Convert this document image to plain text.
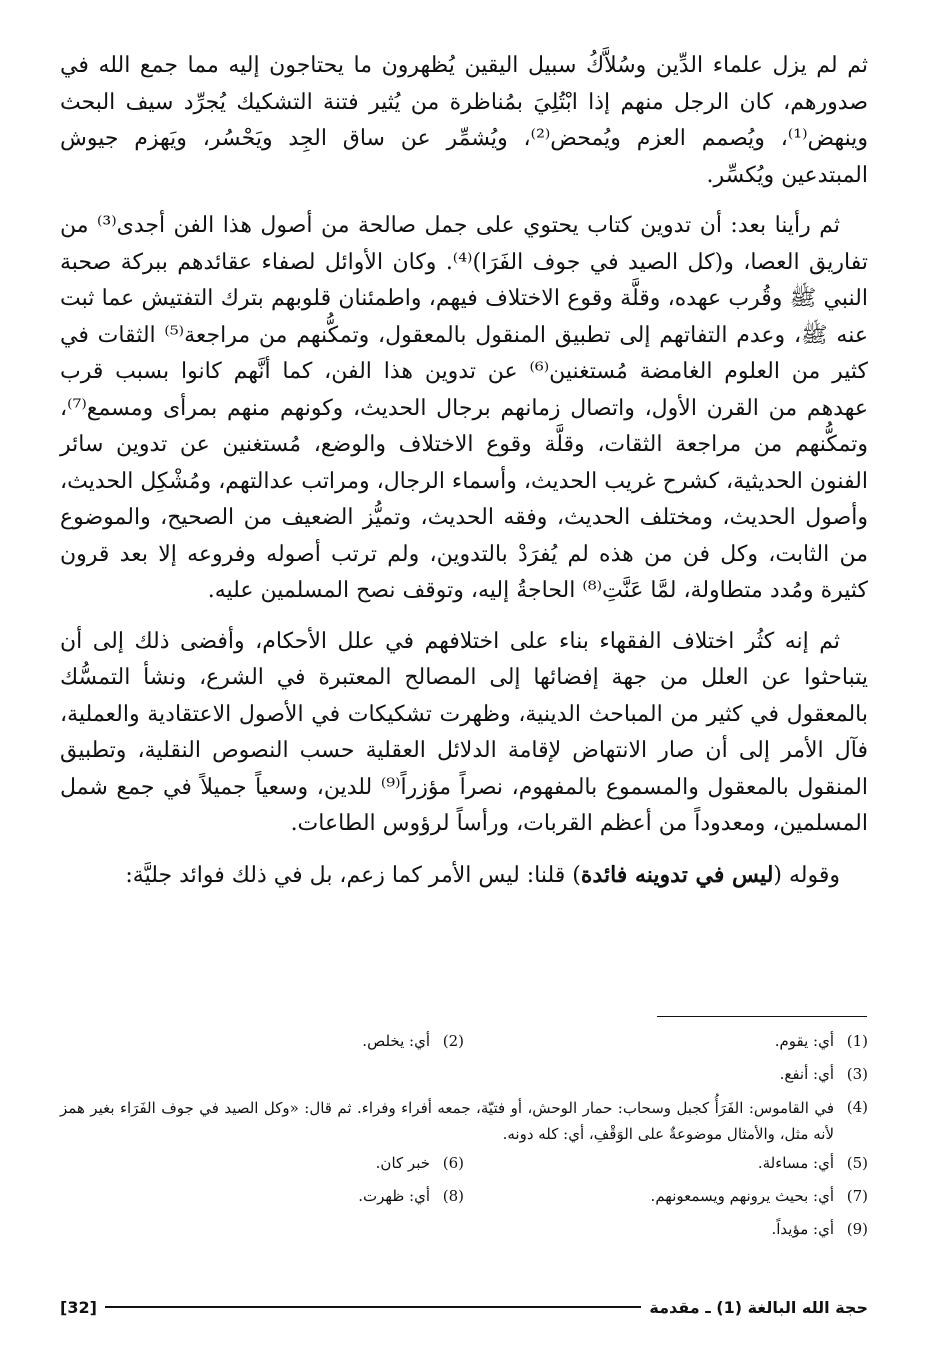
ثم لم يزل علماء الدِّين وسُلاَّكُ سبيل اليقين يُظهرون ما يحتاجون إليه مما جمع الله في صدورهم، كان الرجل منهم إذا ابْتُلِيَ بمُناظرة من يُثير فتنة التشكيك يُجرِّد سيف البحث وينهض⁽¹⁾، ويُصمم العزم ويُمحض⁽²⁾، ويُشمِّر عن ساق الجِد ويَحْسُر، ويَهزم جيوش المبتدعين ويُكسِّر.

ثم رأينا بعد: أن تدوين كتاب يحتوي على جمل صالحة من أصول هذا الفن أجدى⁽³⁾ من تفاريق العصا، و(كل الصيد في جوف الفَرَا)⁽⁴⁾. وكان الأوائل لصفاء عقائدهم ببركة صحبة النبي ﷺ وقُرب عهده، وقلَّة وقوع الاختلاف فيهم، واطمئنان قلوبهم بترك التفتيش عما ثبت عنه ﷺ، وعدم التفاتهم إلى تطبيق المنقول بالمعقول، وتمكُّنهم من مراجعة⁽⁵⁾ الثقات في كثير من العلوم الغامضة مُستغنين⁽⁶⁾ عن تدوين هذا الفن، كما أنَّهم كانوا بسبب قرب عهدهم من القرن الأول، واتصال زمانهم برجال الحديث، وكونهم منهم بمرأى ومسمع⁽⁷⁾، وتمكُّنهم من مراجعة الثقات، وقلَّة وقوع الاختلاف والوضع، مُستغنين عن تدوين سائر الفنون الحديثية، كشرح غريب الحديث، وأسماء الرجال، ومراتب عدالتهم، ومُشْكِل الحديث، وأصول الحديث، ومختلف الحديث، وفقه الحديث، وتميُّز الضعيف من الصحيح، والموضوع من الثابت، وكل فن من هذه لم يُفرَدْ بالتدوين، ولم ترتب أصوله وفروعه إلا بعد قرون كثيرة ومُدد متطاولة، لمَّا عَنَّتِ⁽⁸⁾ الحاجةُ إليه، وتوقف نصح المسلمين عليه.

ثم إنه كثُر اختلاف الفقهاء بناء على اختلافهم في علل الأحكام، وأفضى ذلك إلى أن يتباحثوا عن العلل من جهة إفضائها إلى المصالح المعتبرة في الشرع، ونشأ التمسُّك بالمعقول في كثير من المباحث الدينية، وظهرت تشكيكات في الأصول الاعتقادية والعملية، فآل الأمر إلى أن صار الانتهاض لإقامة الدلائل العقلية حسب النصوص النقلية، وتطبيق المنقول بالمعقول والمسموع بالمفهوم، نصراً مؤزراً⁽⁹⁾ للدين، وسعياً جميلاً في جمع شمل المسلمين، ومعدوداً من أعظم القربات، ورأساً لرؤوس الطاعات.

وقوله (ليس في تدوينه فائدة) قلنا: ليس الأمر كما زعم، بل في ذلك فوائد جليَّة:

(1)
أي: يقوم.
(2)
أي: يخلص.
(3)
أي: أنفع.
(4)
في القاموس: الفَرَأُ كجبل وسحاب: حمار الوحش، أو فتيّة، جمعه أفراء وفراء. ثم قال: «وكل الصيد في جوف الفَرَاء بغير همز لأنه مثل، والأمثال موضوعةٌ على الوَقْفِ، أي: كله دونه.
(5)
أي: مساءلة.
(6)
خبر كان.
(7)
أي: بحيث يرونهم ويسمعونهم.
(8)
أي: ظهرت.
(9)
أي: مؤيداً.
حجة الله البالغة (1) ـ مقدمة
[32]
